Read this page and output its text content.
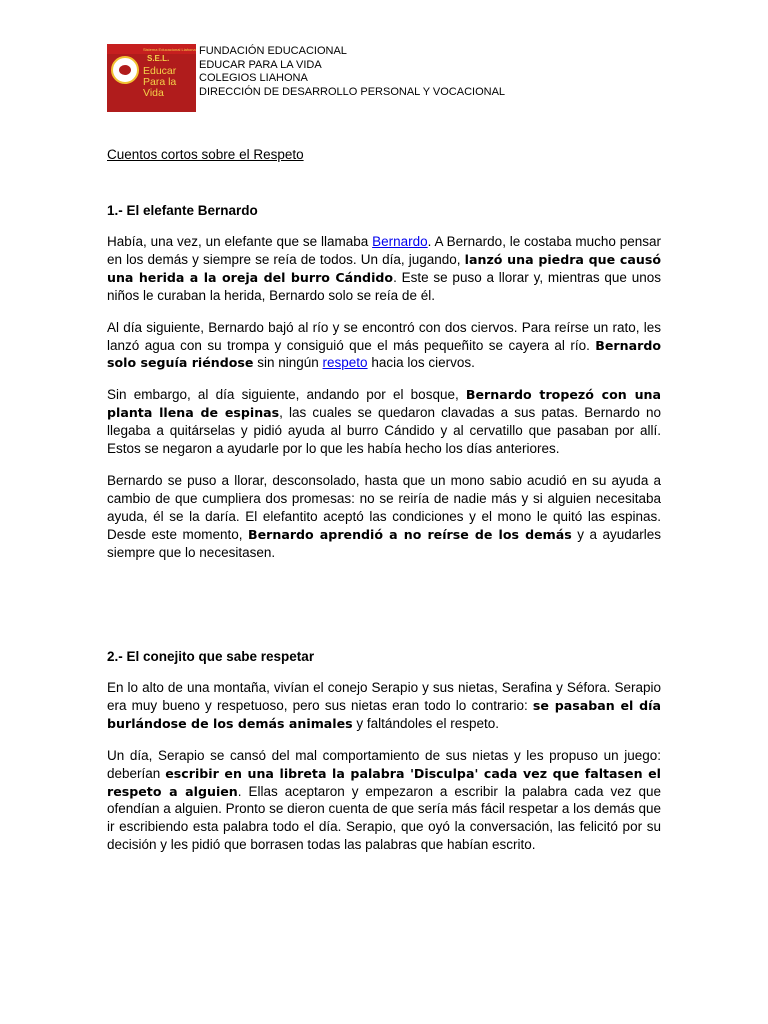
Sistema Educacional Liahona
S.E.L.
Educar
Para la
Vida
FUNDACIÓN EDUCACIONAL
EDUCAR PARA LA VIDA
COLEGIOS LIAHONA
DIRECCIÓN DE DESARROLLO PERSONAL Y VOCACIONAL
Cuentos cortos sobre el Respeto
1.- El elefante Bernardo

Había, una vez, un elefante que se llamaba Bernardo. A Bernardo, le costaba mucho pensar en los demás y siempre se reía de todos. Un día, jugando, lanzó una piedra que causó una herida a la oreja del burro Cándido. Este se puso a llorar y, mientras que unos niños le curaban la herida, Bernardo solo se reía de él.

Al día siguiente, Bernardo bajó al río y se encontró con dos ciervos. Para reírse un rato, les lanzó agua con su trompa y consiguió que el más pequeñito se cayera al río. Bernardo solo seguía riéndose sin ningún respeto hacia los ciervos.

Sin embargo, al día siguiente, andando por el bosque, Bernardo tropezó con una planta llena de espinas, las cuales se quedaron clavadas a sus patas. Bernardo no llegaba a quitárselas y pidió ayuda al burro Cándido y al cervatillo que pasaban por allí. Estos se negaron a ayudarle por lo que les había hecho los días anteriores.

Bernardo se puso a llorar, desconsolado, hasta que un mono sabio acudió en su ayuda a cambio de que cumpliera dos promesas: no se reiría de nadie más y si alguien necesitaba ayuda, él se la daría. El elefantito aceptó las condiciones y el mono le quitó las espinas. Desde este momento, Bernardo aprendió a no reírse de los demás y a ayudarles siempre que lo necesitasen.

2.- El conejito que sabe respetar

En lo alto de una montaña, vivían el conejo Serapio y sus nietas, Serafina y Séfora. Serapio era muy bueno y respetuoso, pero sus nietas eran todo lo contrario: se pasaban el día burlándose de los demás animales y faltándoles el respeto.

Un día, Serapio se cansó del mal comportamiento de sus nietas y les propuso un juego: deberían escribir en una libreta la palabra 'Disculpa' cada vez que faltasen el respeto a alguien. Ellas aceptaron y empezaron a escribir la palabra cada vez que ofendían a alguien. Pronto se dieron cuenta de que sería más fácil respetar a los demás que ir escribiendo esta palabra todo el día. Serapio, que oyó la conversación, las felicitó por su decisión y les pidió que borrasen todas las palabras que habían escrito.
